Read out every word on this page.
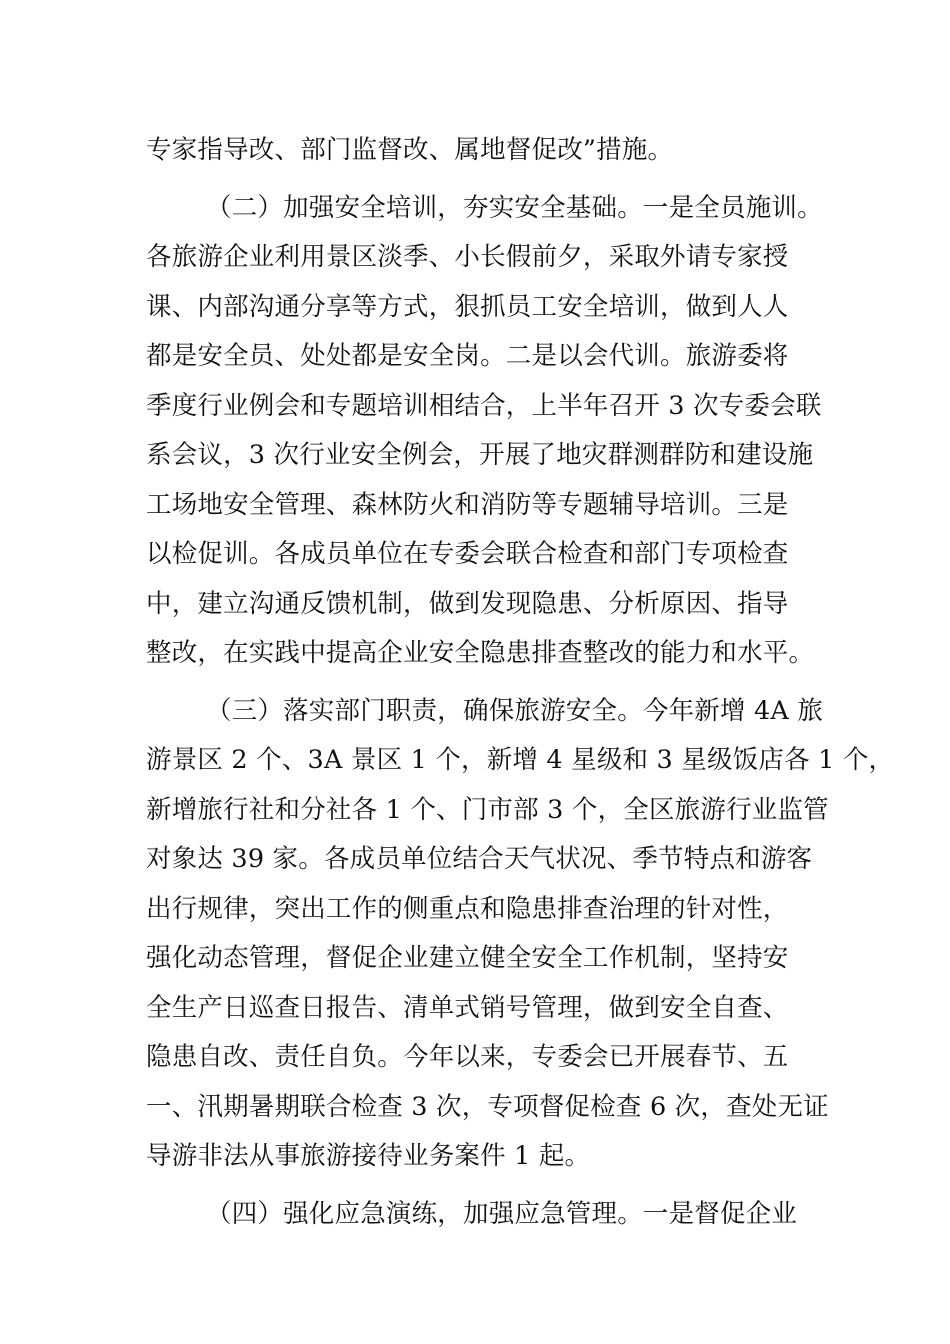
专家指导改、部门监督改、属地督促改”措施。
（二）加强安全培训，夯实安全基础。一是全员施训。
各旅游企业利用景区淡季、小长假前夕，采取外请专家授
课、内部沟通分享等方式，狠抓员工安全培训，做到人人
都是安全员、处处都是安全岗。二是以会代训。旅游委将
季度行业例会和专题培训相结合，上半年召开 3 次专委会联
系会议，3 次行业安全例会，开展了地灾群测群防和建设施
工场地安全管理、森林防火和消防等专题辅导培训。三是
以检促训。各成员单位在专委会联合检查和部门专项检查
中，建立沟通反馈机制，做到发现隐患、分析原因、指导
整改，在实践中提高企业安全隐患排查整改的能力和水平。
（三）落实部门职责，确保旅游安全。今年新增 4A 旅
游景区 2 个、3A 景区 1 个，新增 4 星级和 3 星级饭店各 1 个，
新增旅行社和分社各 1 个、门市部 3 个，全区旅游行业监管
对象达 39 家。各成员单位结合天气状况、季节特点和游客
出行规律，突出工作的侧重点和隐患排查治理的针对性，
强化动态管理，督促企业建立健全安全工作机制，坚持安
全生产日巡查日报告、清单式销号管理，做到安全自查、
隐患自改、责任自负。今年以来，专委会已开展春节、五
一、汛期暑期联合检查 3 次，专项督促检查 6 次，查处无证
导游非法从事旅游接待业务案件 1 起。
（四）强化应急演练，加强应急管理。一是督促企业
